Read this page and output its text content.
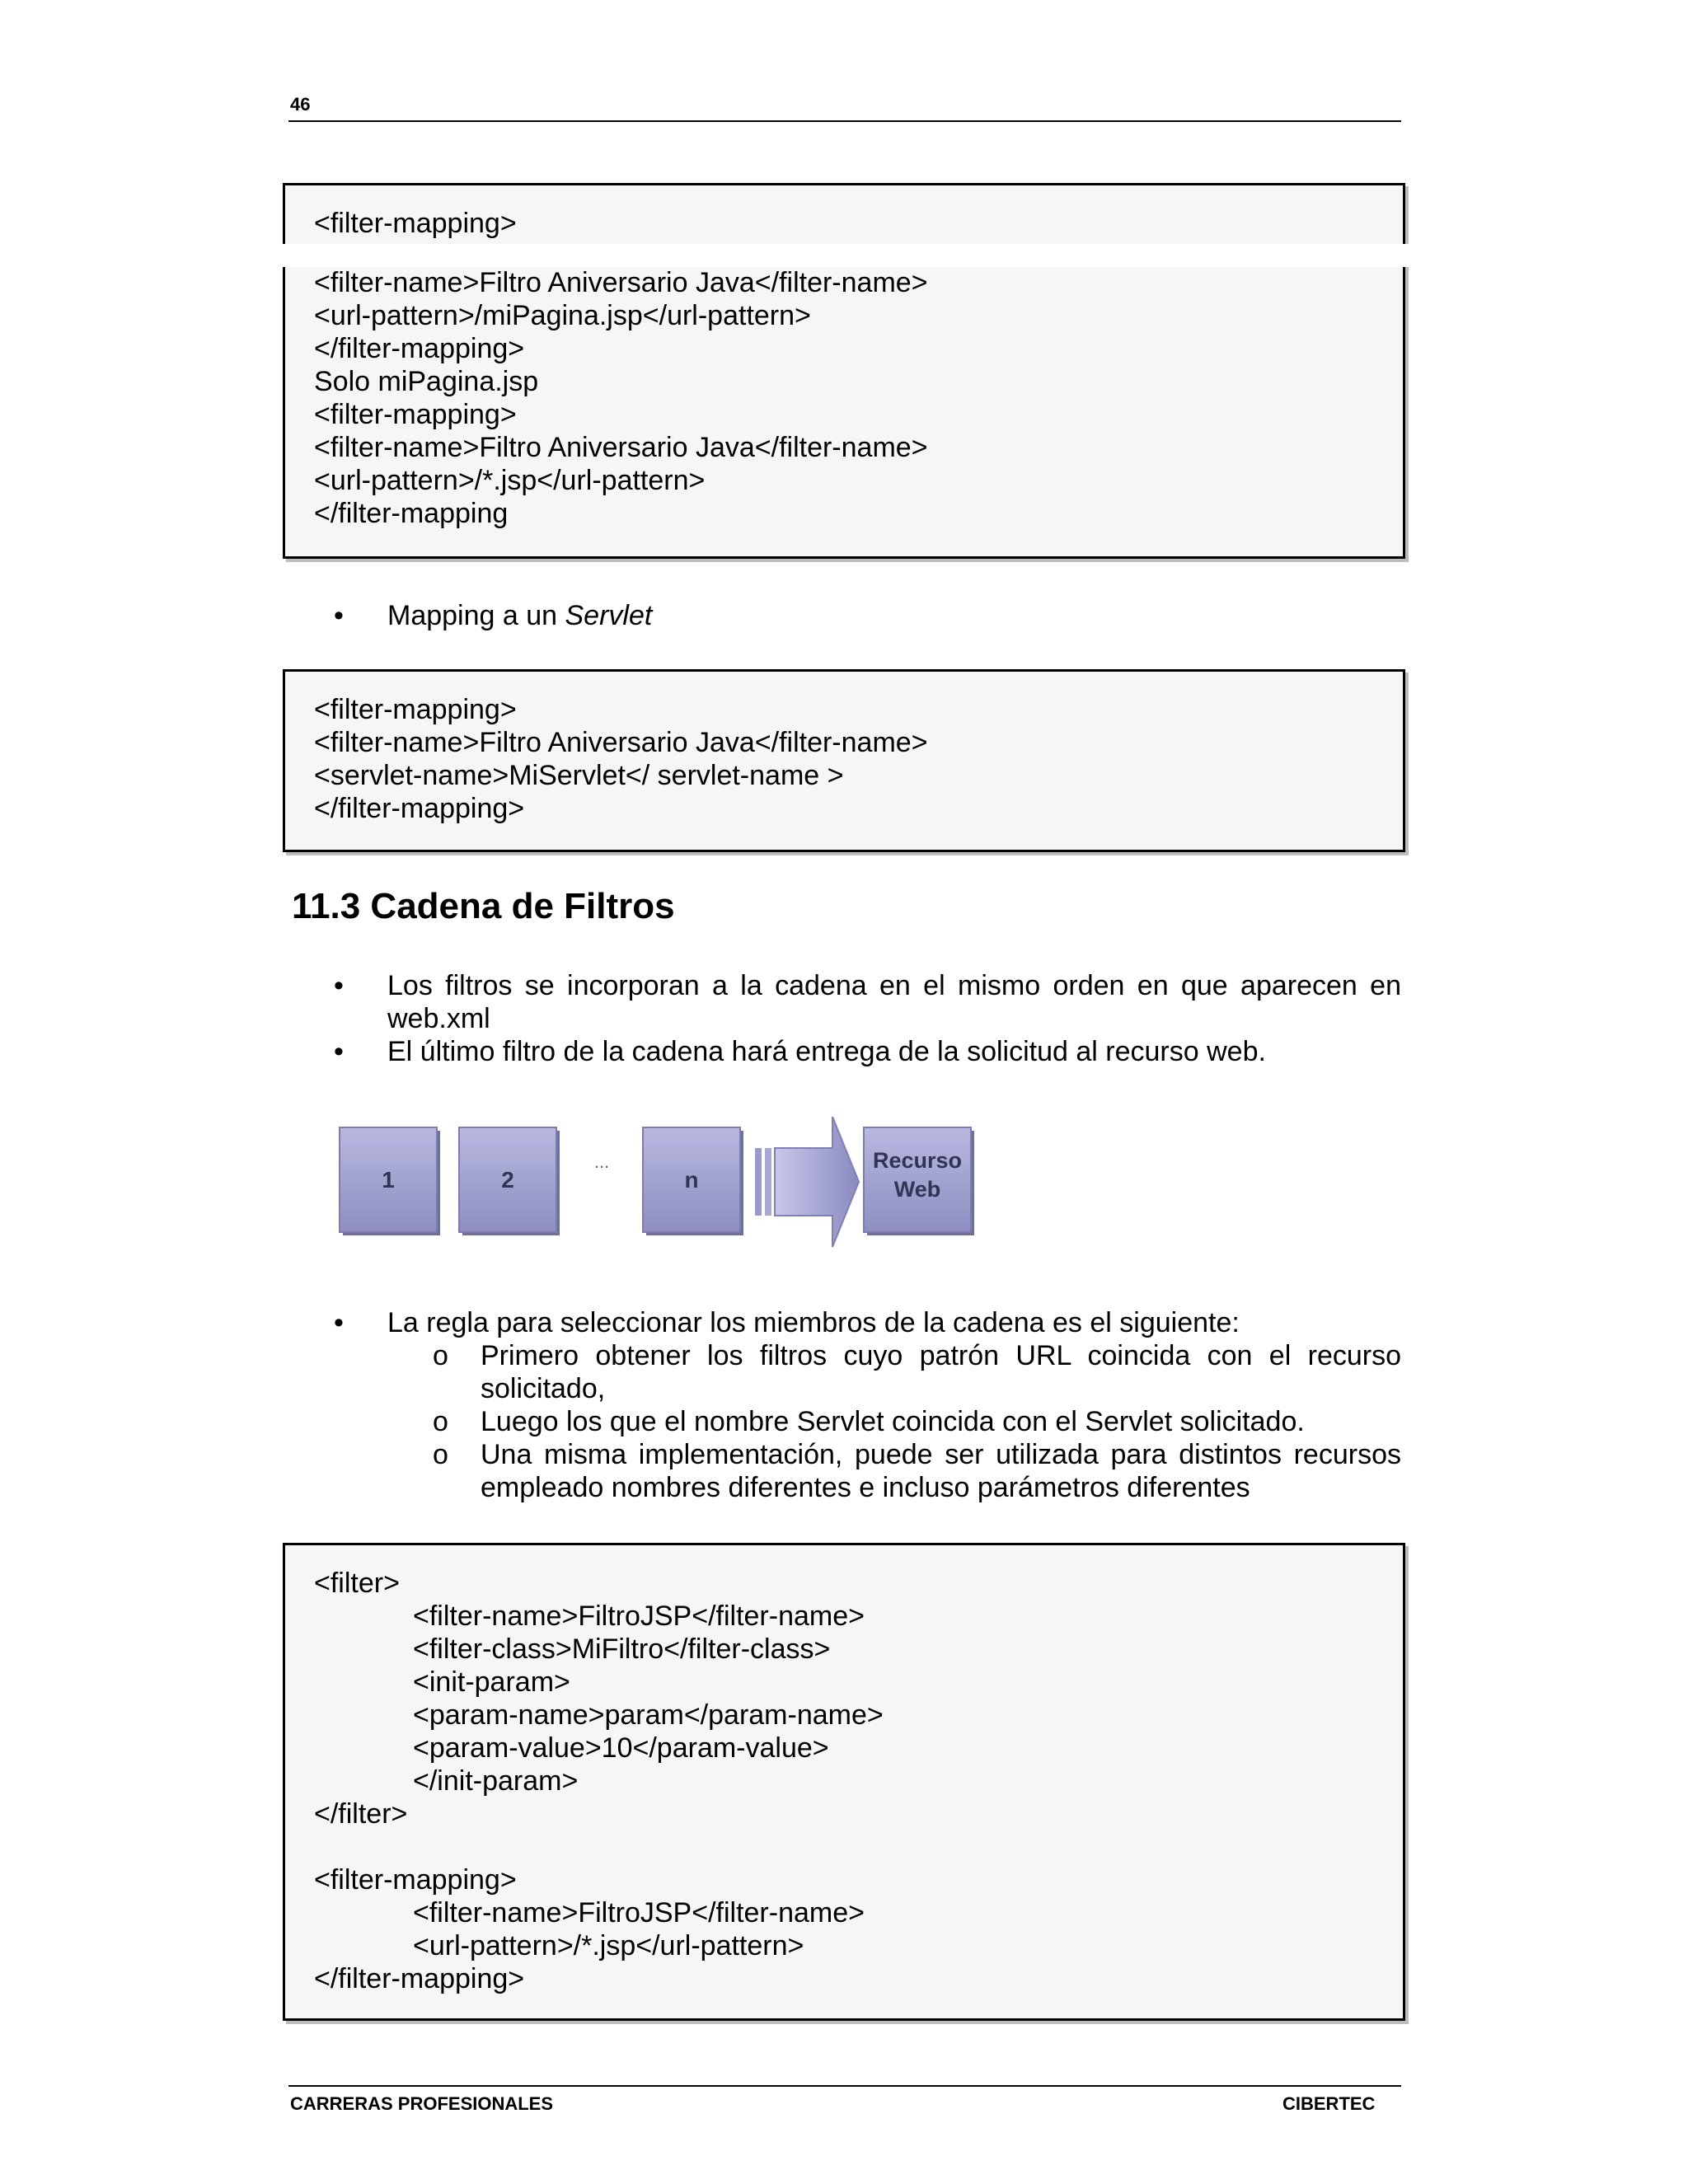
46
<filter-mapping>
<filter-name>Filtro Aniversario Java</filter-name>
<url-pattern>/miPagina.jsp</url-pattern>
</filter-mapping>
Solo miPagina.jsp
<filter-mapping>
<filter-name>Filtro Aniversario Java</filter-name>
<url-pattern>/*.jsp</url-pattern>
</filter-mapping
• Mapping a un Servlet
<filter-mapping>
<filter-name>Filtro Aniversario Java</filter-name>
<servlet-name>MiServlet</ servlet-name >
</filter-mapping>
11.3 Cadena de Filtros
• Los filtros se incorporan a la cadena en el mismo orden en que aparecen en web.xml
• El último filtro de la cadena hará entrega de la solicitud al recurso web.
1	2
...
n
Recurso
Web
• La regla para seleccionar los miembros de la cadena es el siguiente:
o Primero obtener los filtros cuyo patrón URL coincida con el recurso solicitado,
o Luego los que el nombre Servlet coincida con el Servlet solicitado.
o Una misma implementación, puede ser utilizada para distintos recursos empleado nombres diferentes e incluso parámetros diferentes
<filter>
<filter-name>FiltroJSP</filter-name>
<filter-class>MiFiltro</filter-class>
<init-param>
<param-name>param</param-name>
<param-value>10</param-value>
</init-param>
</filter>
<filter-mapping>
<filter-name>FiltroJSP</filter-name>
<url-pattern>/*.jsp</url-pattern>
</filter-mapping>
CARRERAS PROFESIONALES	CIBERTEC
